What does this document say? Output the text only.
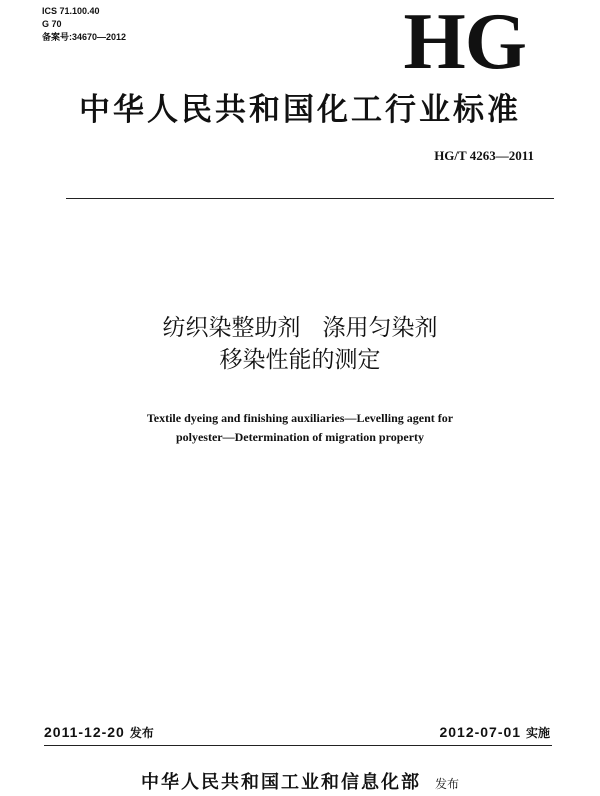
ICS 71.100.40
G 70
备案号:34670—2012	HG
中华人民共和国化工行业标准
HG/T 4263—2011
纺织染整助剂   涤用匀染剂
移染性能的测定
Textile dyeing and finishing auxiliaries—Levelling agent for
polyester—Determination of migration property
2011-12-20 发布	2012-07-01 实施
中华人民共和国工业和信息化部 发布
